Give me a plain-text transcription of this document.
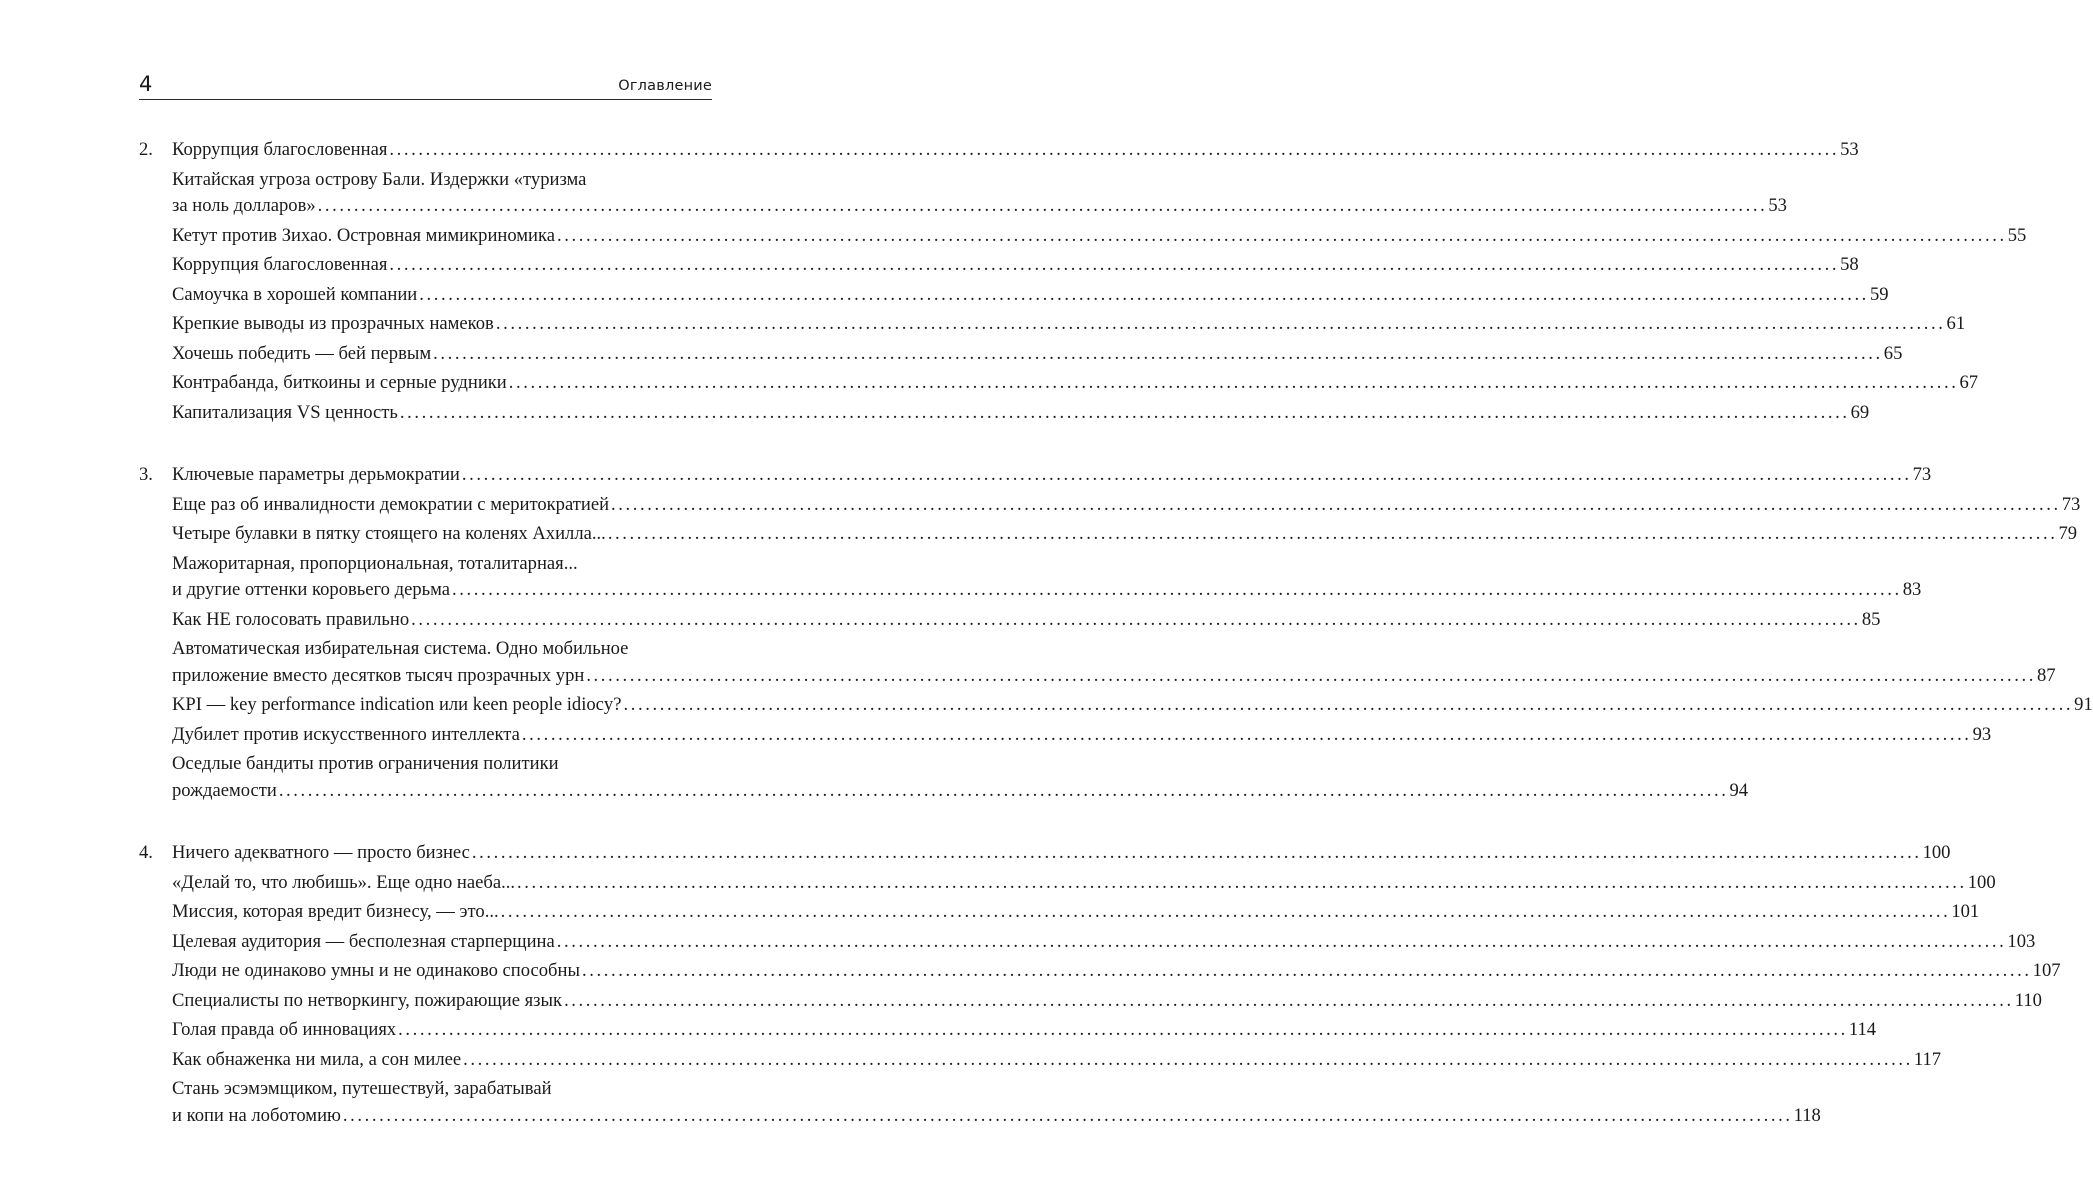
4	Оглавление
2. Коррупция благословенная ........................................................................................................................................................................................................ 53
Китайская угроза острову Бали. Издержки «туризма
за ноль долларов» ........................................................................................................................................................................................................ 53
Кетут против Зихао. Островная мимикриномика ........................................................................................................................................................................................................ 55
Коррупция благословенная ........................................................................................................................................................................................................ 58
Самоучка в хорошей компании ........................................................................................................................................................................................................ 59
Крепкие выводы из прозрачных намеков ........................................................................................................................................................................................................ 61
Хочешь победить — бей первым ........................................................................................................................................................................................................ 65
Контрабанда, биткоины и серные рудники ........................................................................................................................................................................................................ 67
Капитализация VS ценность ........................................................................................................................................................................................................ 69
3. Ключевые параметры дерьмократии ........................................................................................................................................................................................................ 73
Еще раз об инвалидности демократии с меритократией ........................................................................................................................................................................................................ 73
Четыре булавки в пятку стоящего на коленях Ахилла... ........................................................................................................................................................................................................ 79
Мажоритарная, пропорциональная, тоталитарная...
и другие оттенки коровьего дерьма ........................................................................................................................................................................................................ 83
Как НЕ голосовать правильно ........................................................................................................................................................................................................ 85
Автоматическая избирательная система. Одно мобильное
приложение вместо десятков тысяч прозрачных урн ........................................................................................................................................................................................................ 87
KPI — key performance indication или keen people idiocy? ........................................................................................................................................................................................................ 91
Дубилет против искусственного интеллекта ........................................................................................................................................................................................................ 93
Оседлые бандиты против ограничения политики
рождаемости ........................................................................................................................................................................................................ 94
4. Ничего адекватного — просто бизнес ........................................................................................................................................................................................................ 100
«Делай то, что любишь». Еще одно наеба... ........................................................................................................................................................................................................ 100
Миссия, которая вредит бизнесу, — это... ........................................................................................................................................................................................................ 101
Целевая аудитория — бесполезная старперщина ........................................................................................................................................................................................................ 103
Люди не одинаково умны и не одинаково способны ........................................................................................................................................................................................................ 107
Специалисты по нетворкингу, пожирающие язык ........................................................................................................................................................................................................ 110
Голая правда об инновациях ........................................................................................................................................................................................................ 114
Как обнаженка ни мила, а сон милее ........................................................................................................................................................................................................ 117
Стань эсэмэмщиком, путешествуй, зарабатывай
и копи на лоботомию ........................................................................................................................................................................................................ 118
